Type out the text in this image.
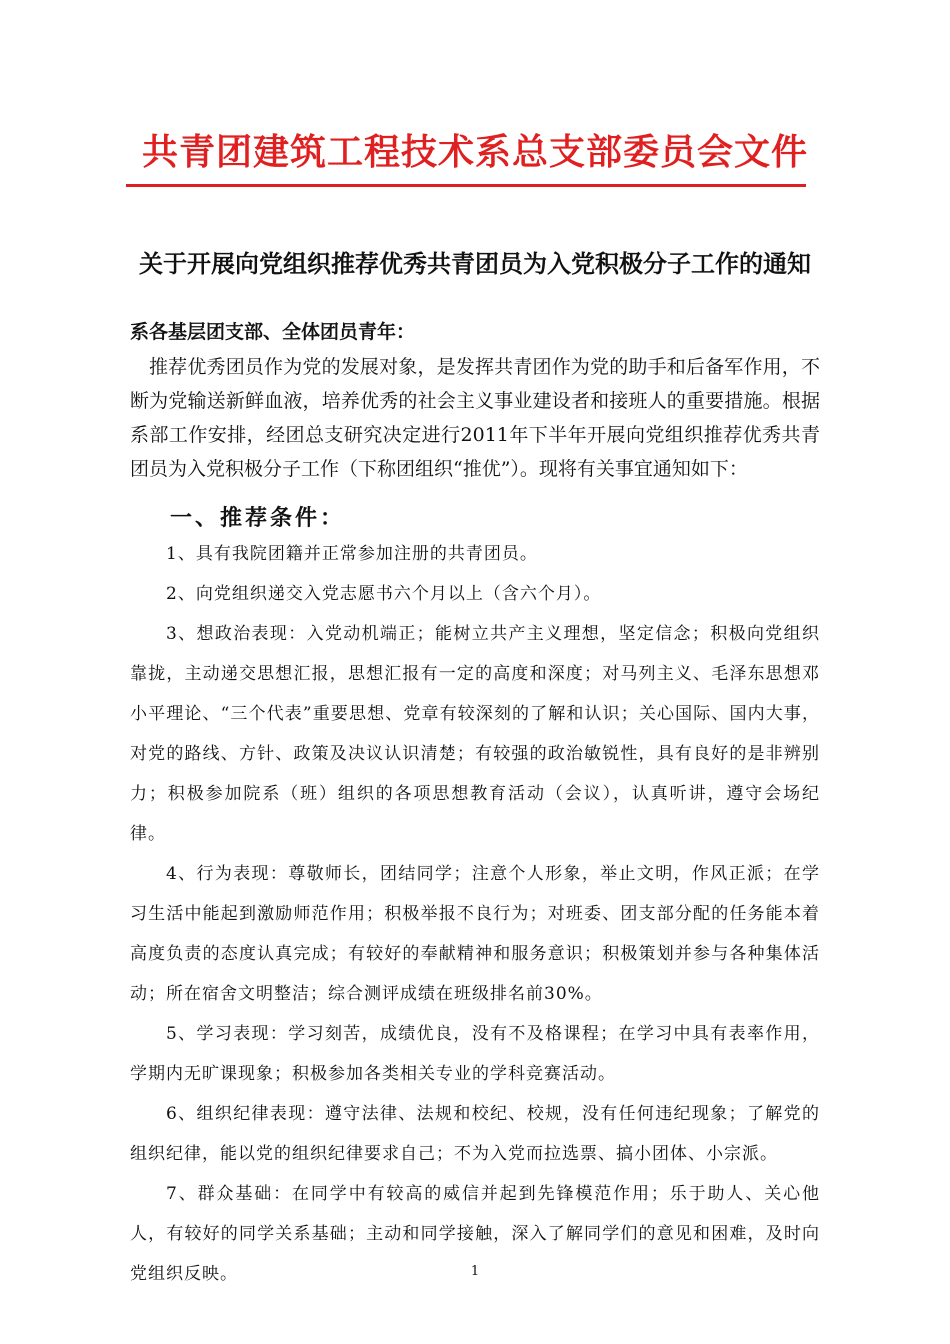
共青团建筑工程技术系总支部委员会文件
关于开展向党组织推荐优秀共青团员为入党积极分子工作的通知
系各基层团支部、全体团员青年：
推荐优秀团员作为党的发展对象，是发挥共青团作为党的助手和后备军作用，不断为党输送新鲜血液，培养优秀的社会主义事业建设者和接班人的重要措施。根据系部工作安排，经团总支研究决定进行2011年下半年开展向党组织推荐优秀共青团员为入党积极分子工作（下称团组织“推优”）。现将有关事宜通知如下：
一、推荐条件：
1、具有我院团籍并正常参加注册的共青团员。
2、向党组织递交入党志愿书六个月以上（含六个月）。
3、想政治表现：入党动机端正；能树立共产主义理想，坚定信念；积极向党组织靠拢，主动递交思想汇报，思想汇报有一定的高度和深度；对马列主义、毛泽东思想邓小平理论、“三个代表”重要思想、党章有较深刻的了解和认识；关心国际、国内大事，对党的路线、方针、政策及决议认识清楚；有较强的政治敏锐性，具有良好的是非辨别力；积极参加院系（班）组织的各项思想教育活动（会议），认真听讲，遵守会场纪律。
4、行为表现：尊敬师长，团结同学；注意个人形象，举止文明，作风正派；在学习生活中能起到激励师范作用；积极举报不良行为；对班委、团支部分配的任务能本着高度负责的态度认真完成；有较好的奉献精神和服务意识；积极策划并参与各种集体活动；所在宿舍文明整洁；综合测评成绩在班级排名前30%。
5、学习表现：学习刻苦，成绩优良，没有不及格课程；在学习中具有表率作用，学期内无旷课现象；积极参加各类相关专业的学科竞赛活动。
6、组织纪律表现：遵守法律、法规和校纪、校规，没有任何违纪现象；了解党的组织纪律，能以党的组织纪律要求自己；不为入党而拉选票、搞小团体、小宗派。
7、群众基础：在同学中有较高的威信并起到先锋模范作用；乐于助人、关心他人，有较好的同学关系基础；主动和同学接触，深入了解同学们的意见和困难，及时向党组织反映。	1
